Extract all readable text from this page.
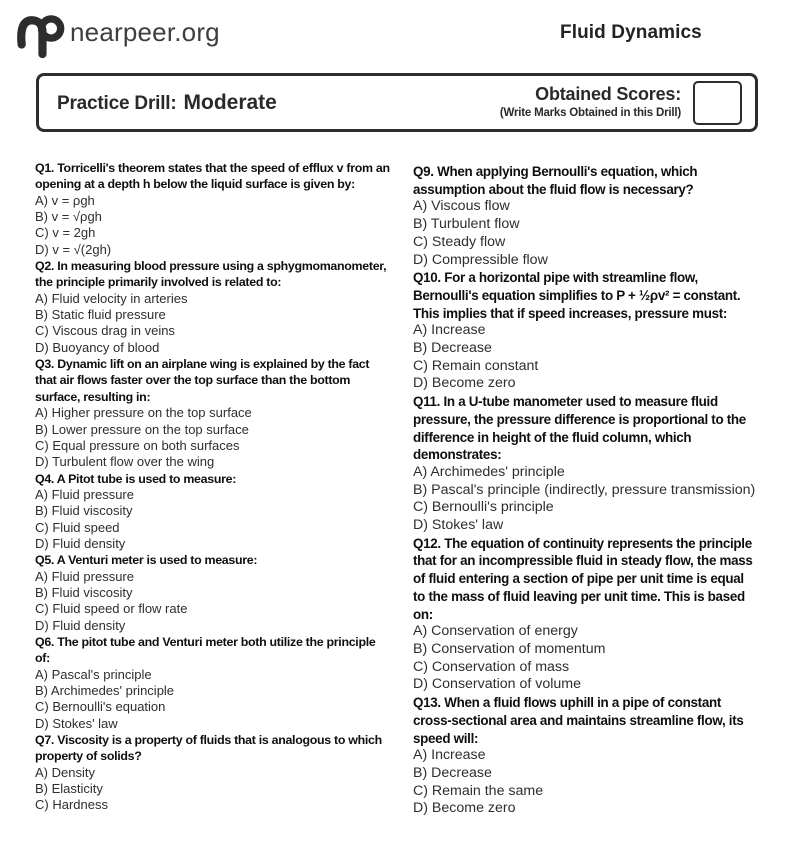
nearpeer.org	Fluid Dynamics
Practice Drill: Moderate	Obtained Scores:
(Write Marks Obtained in this Drill)
Q1. Torricelli's theorem states that the speed of efflux v from an opening at a depth h below the liquid surface is given by:
A) v = ρgh
B) v = √ρgh
C) v = 2gh
D) v = √(2gh)
Q2. In measuring blood pressure using a sphygmomanometer, the principle primarily involved is related to:
A) Fluid velocity in arteries
B) Static fluid pressure
C) Viscous drag in veins
D) Buoyancy of blood
Q3. Dynamic lift on an airplane wing is explained by the fact that air flows faster over the top surface than the bottom surface, resulting in:
A) Higher pressure on the top surface
B) Lower pressure on the top surface
C) Equal pressure on both surfaces
D) Turbulent flow over the wing
Q4. A Pitot tube is used to measure:
A) Fluid pressure
B) Fluid viscosity
C) Fluid speed
D) Fluid density
Q5. A Venturi meter is used to measure:
A) Fluid pressure
B) Fluid viscosity
C) Fluid speed or flow rate
D) Fluid density
Q6. The pitot tube and Venturi meter both utilize the principle of:
A) Pascal's principle
B) Archimedes' principle
C) Bernoulli's equation
D) Stokes' law
Q7. Viscosity is a property of fluids that is analogous to which property of solids?
A) Density
B) Elasticity
C) Hardness
Q9. When applying Bernoulli's equation, which assumption about the fluid flow is necessary?
A) Viscous flow
B) Turbulent flow
C) Steady flow
D) Compressible flow
Q10. For a horizontal pipe with streamline flow, Bernoulli's equation simplifies to P + ½ρv² = constant. This implies that if speed increases, pressure must:
A) Increase
B) Decrease
C) Remain constant
D) Become zero
Q11. In a U-tube manometer used to measure fluid pressure, the pressure difference is proportional to the difference in height of the fluid column, which demonstrates:
A) Archimedes' principle
B) Pascal's principle (indirectly, pressure transmission)
C) Bernoulli's principle
D) Stokes' law
Q12. The equation of continuity represents the principle that for an incompressible fluid in steady flow, the mass of fluid entering a section of pipe per unit time is equal to the mass of fluid leaving per unit time. This is based on:
A) Conservation of energy
B) Conservation of momentum
C) Conservation of mass
D) Conservation of volume
Q13. When a fluid flows uphill in a pipe of constant cross-sectional area and maintains streamline flow, its speed will:
A) Increase
B) Decrease
C) Remain the same
D) Become zero
